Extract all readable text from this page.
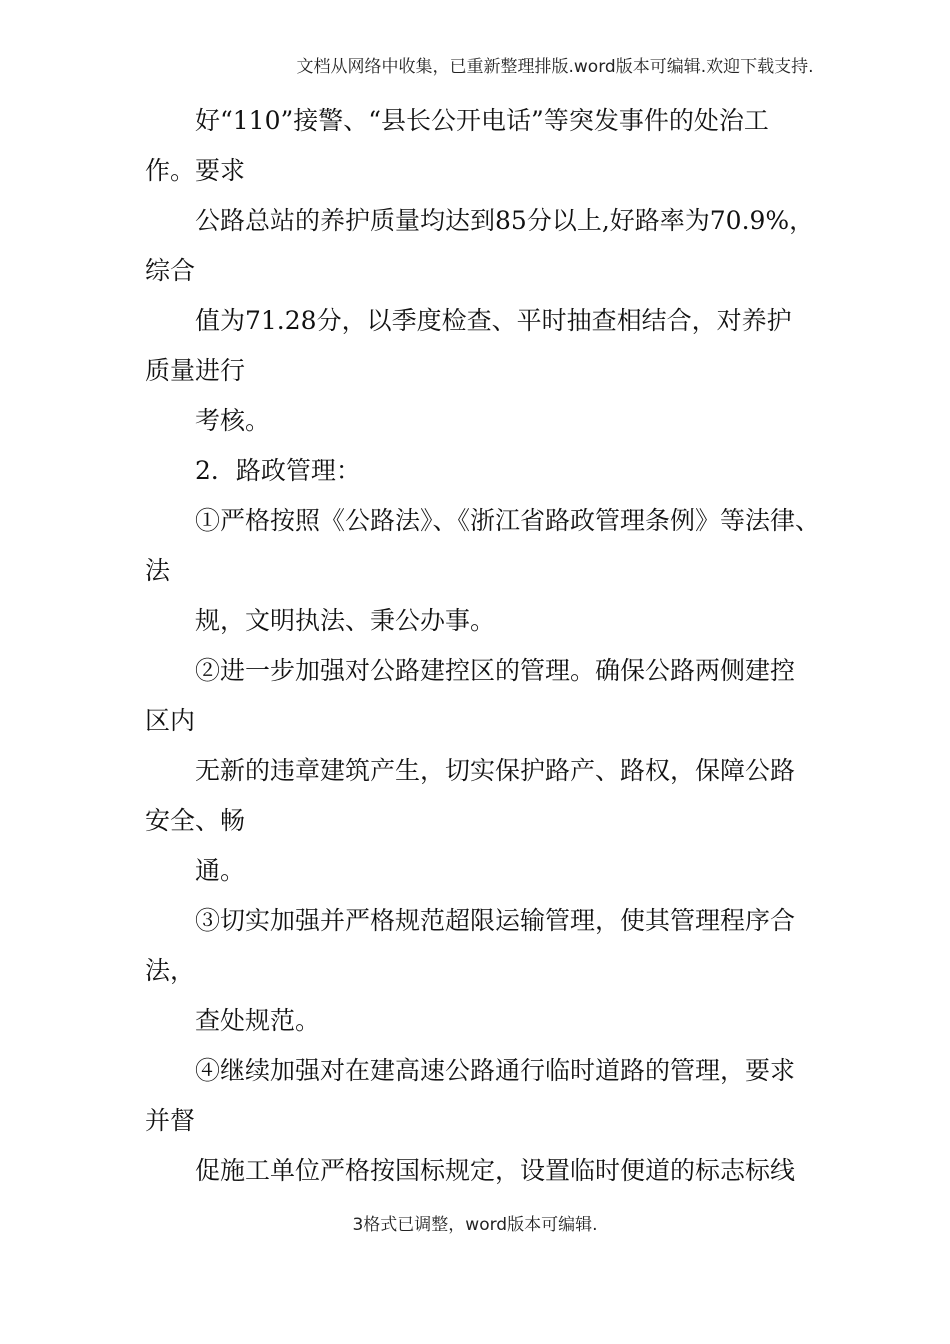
文档从网络中收集，已重新整理排版.word版本可编辑.欢迎下载支持.
好“110”接警、“县长公开电话”等突发事件的处治工
作。要求
公路总站的养护质量均达到85分以上,好路率为70.9%，
综合
值为71.28分，以季度检查、平时抽查相结合，对养护
质量进行
考核。
2．路政管理：
①严格按照《公路法》、《浙江省路政管理条例》等法律、
法
规，文明执法、秉公办事。
②进一步加强对公路建控区的管理。确保公路两侧建控
区内
无新的违章建筑产生，切实保护路产、路权，保障公路
安全、畅
通。
③切实加强并严格规范超限运输管理，使其管理程序合
法，
查处规范。
④继续加强对在建高速公路通行临时道路的管理，要求
并督
促施工单位严格按国标规定，设置临时便道的标志标线
3格式已调整，word版本可编辑.
